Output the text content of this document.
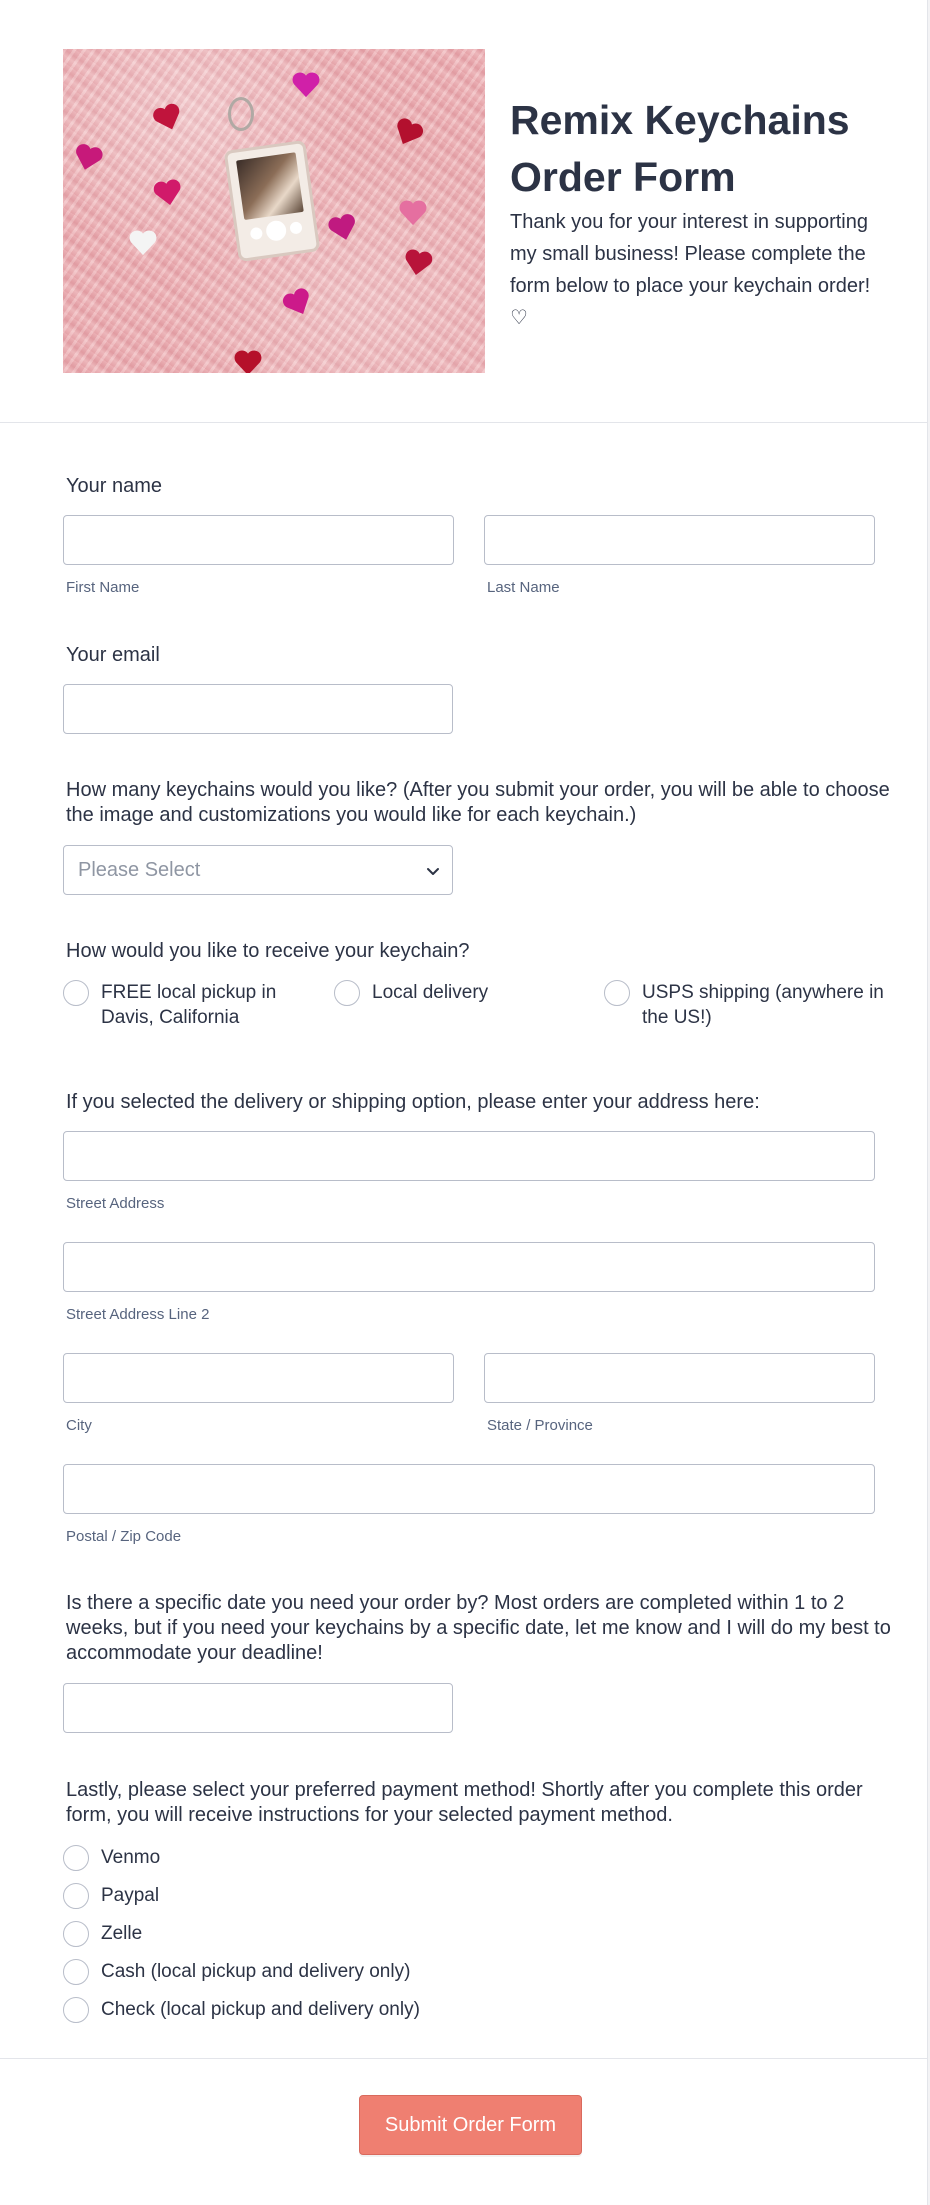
Remix Keychains Order Form
Thank you for your interest in supporting my small business! Please complete the form below to place your keychain order! ♡
Your name
First Name	Last Name
Your email
How many keychains would you like? (After you submit your order, you will be able to choose the image and customizations you would like for each keychain.)
Please Select
How would you like to receive your keychain?
FREE local pickup in Davis, California
Local delivery	USPS shipping (anywhere in the US!)
If you selected the delivery or shipping option, please enter your address here:
Street Address
Street Address Line 2
City	State / Province
Postal / Zip Code
Is there a specific date you need your order by? Most orders are completed within 1 to 2 weeks, but if you need your keychains by a specific date, let me know and I will do my best to accommodate your deadline!
Lastly, please select your preferred payment method! Shortly after you complete this order form, you will receive instructions for your selected payment method.
Venmo
Paypal
Zelle
Cash (local pickup and delivery only)
Check (local pickup and delivery only)
Submit Order Form
